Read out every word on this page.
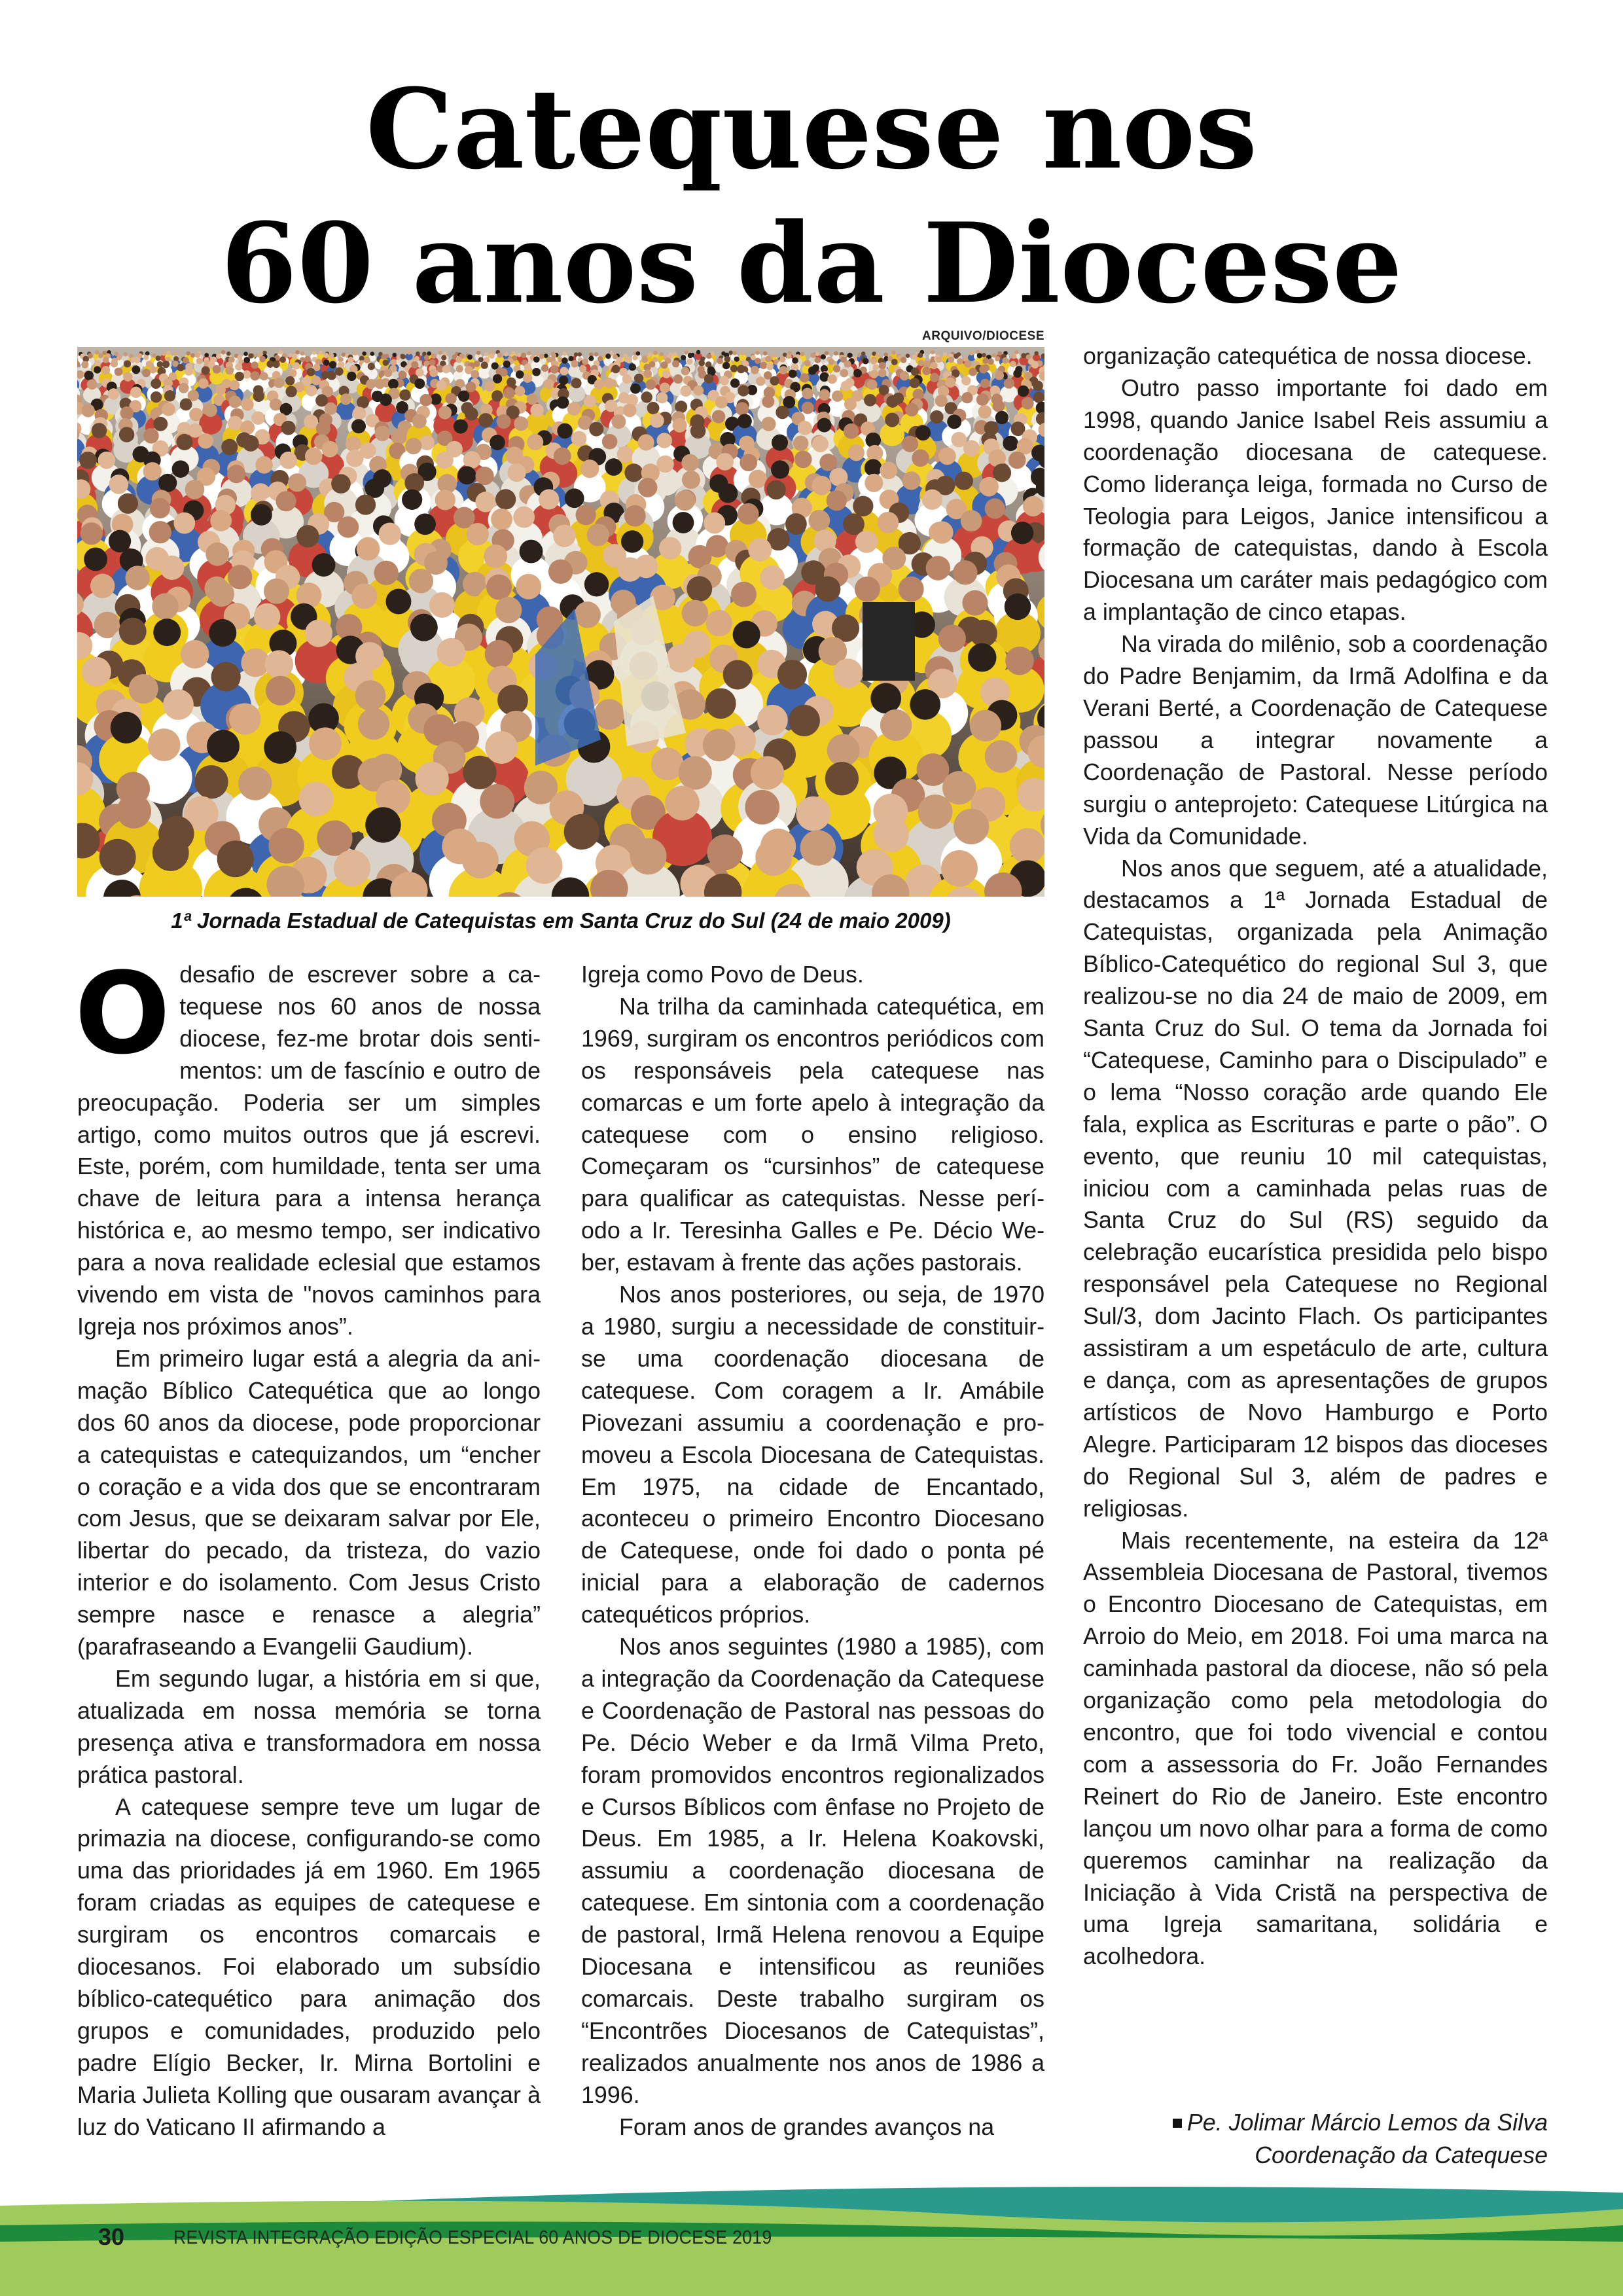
Catequese nos
60 anos da Diocese
ARQUIVO/DIOCESE
1ª Jornada Estadual de Catequistas em Santa Cruz do Sul (24 de maio 2009)
O desafio de escrever sobre a catequese nos 60 anos de nossa diocese, fez-me brotar dois sentimentos: um de fascínio e outro de preocupação. Poderia ser um simples artigo, como muitos outros que já escrevi. Este, porém, com humildade, tenta ser uma chave de leitura para a intensa herança histórica e, ao mesmo tempo, ser indicativo para a nova realidade eclesial que estamos vivendo em vista de "novos caminhos para Igreja nos próximos anos”.

Em primeiro lugar está a alegria da animação Bíblico Catequética que ao longo dos 60 anos da diocese, pode proporcionar a catequistas e catequizandos, um “encher o coração e a vida dos que se encontraram com Jesus, que se deixaram salvar por Ele, libertar do pecado, da tristeza, do vazio interior e do isolamento. Com Jesus Cristo sempre nasce e renasce a alegria” (parafraseando a Evangelii Gaudium).

Em segundo lugar, a história em si que, atualizada em nossa memória se torna presença ativa e transformadora em nossa prática pastoral.

A catequese sempre teve um lugar de primazia na diocese, configurando-se como uma das prioridades já em 1960. Em 1965 foram criadas as equipes de catequese e surgiram os encontros comarcais e diocesanos. Foi elaborado um subsídio bíblico-catequético para animação dos grupos e comunidades, produzido pelo padre Elígio Becker, Ir. Mirna Bortolini e Maria Julieta Kolling que ousaram avançar à luz do Vaticano II afirmando a

Igreja como Povo de Deus.

Na trilha da caminhada catequética, em 1969, surgiram os encontros periódicos com os responsáveis pela catequese nas comarcas e um forte apelo à integração da catequese com o ensino religioso. Começaram os “cursinhos” de catequese para qualificar as catequistas. Nesse período a Ir. Teresinha Galles e Pe. Décio Weber, estavam à frente das ações pastorais.

Nos anos posteriores, ou seja, de 1970 a 1980, surgiu a necessidade de constituir-se uma coordenação diocesana de catequese. Com coragem a Ir. Amábile Piovezani assumiu a coordenação e promoveu a Escola Diocesana de Catequistas. Em 1975, na cidade de Encantado, aconteceu o primeiro Encontro Diocesano de Catequese, onde foi dado o ponta pé inicial para a elaboração de cadernos catequéticos próprios.

Nos anos seguintes (1980 a 1985), com a integração da Coordenação da Catequese e Coordenação de Pastoral nas pessoas do Pe. Décio Weber e da Irmã Vilma Preto, foram promovidos encontros regionalizados e Cursos Bíblicos com ênfase no Projeto de Deus. Em 1985, a Ir. Helena Koakovski, assumiu a coordenação diocesana de catequese. Em sintonia com a coordenação de pastoral, Irmã Helena renovou a Equipe Diocesana e intensificou as reuniões comarcais. Deste trabalho surgiram os “Encontrões Diocesanos de Catequistas”, realizados anualmente nos anos de 1986 a 1996.

Foram anos de grandes avanços na

organização catequética de nossa diocese.

Outro passo importante foi dado em 1998, quando Janice Isabel Reis assumiu a coordenação diocesana de catequese. Como liderança leiga, formada no Curso de Teologia para Leigos, Janice intensificou a formação de catequistas, dando à Escola Diocesana um caráter mais pedagógico com a implantação de cinco etapas.

Na virada do milênio, sob a coordenação do Padre Benjamim, da Irmã Adolfina e da Verani Berté, a Coordenação de Catequese passou a integrar novamente a Coordenação de Pastoral. Nesse período surgiu o anteprojeto: Catequese Litúrgica na Vida da Comunidade.

Nos anos que seguem, até a atualidade, destacamos a 1ª Jornada Estadual de Catequistas, organizada pela Animação Bíblico-Catequético do regional Sul 3, que realizou-se no dia 24 de maio de 2009, em Santa Cruz do Sul. O tema da Jornada foi “Catequese, Caminho para o Discipulado” e o lema “Nosso coração arde quando Ele fala, explica as Escrituras e parte o pão”. O evento, que reuniu 10 mil catequistas, iniciou com a caminhada pelas ruas de Santa Cruz do Sul (RS) seguido da celebração eucarística presidida pelo bispo responsável pela Catequese no Regional Sul/3, dom Jacinto Flach. Os participantes assistiram a um espetáculo de arte, cultura e dança, com as apresentações de grupos artísticos de Novo Hamburgo e Porto Alegre. Participaram 12 bispos das dioceses do Regional Sul 3, além de padres e religiosas.

Mais recentemente, na esteira da 12ª Assembleia Diocesana de Pastoral, tivemos o Encontro Diocesano de Catequistas, em Arroio do Meio, em 2018. Foi uma marca na caminhada pastoral da diocese, não só pela organização como pela metodologia do encontro, que foi todo vivencial e contou com a assessoria do Fr. João Fernandes Reinert do Rio de Janeiro. Este encontro lançou um novo olhar para a forma de como queremos caminhar na realização da Iniciação à Vida Cristã na perspectiva de uma Igreja samaritana, solidária e acolhedora.

Pe. Jolimar Márcio Lemos da Silva
Coordenação da Catequese
30	REVISTA INTEGRAÇÃO EDIÇÃO ESPECIAL 60 ANOS DE DIOCESE 2019
